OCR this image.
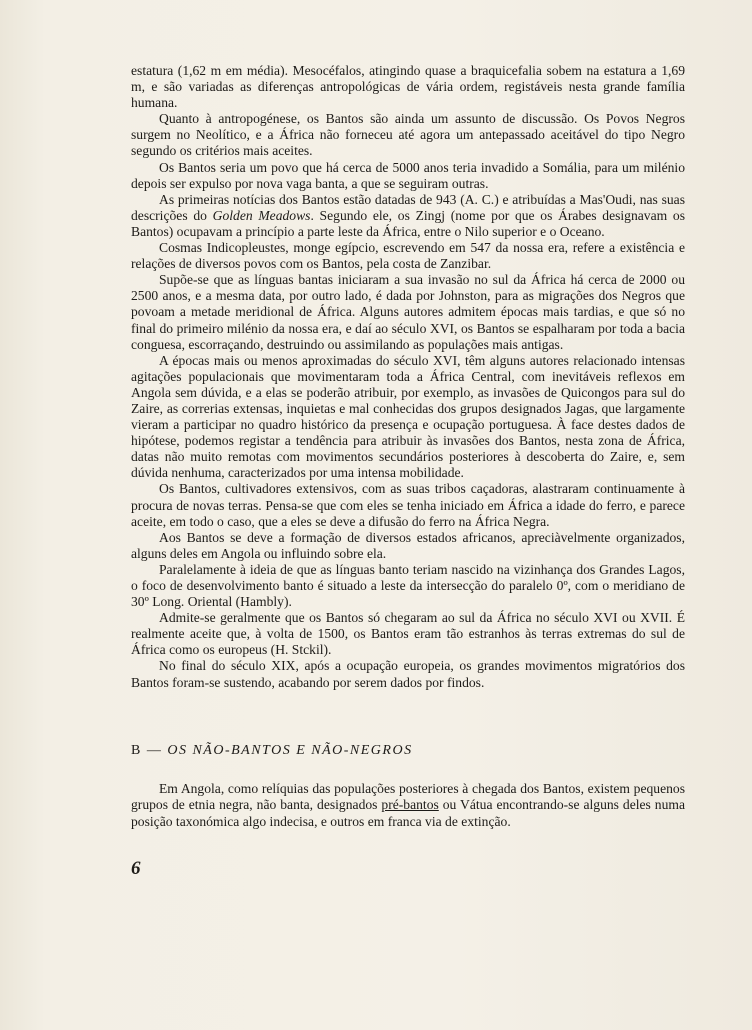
estatura (1,62 m em média). Mesocéfalos, atingindo quase a braquicefalia sobem na estatura a 1,69 m, e são variadas as diferenças antropológicas de vária ordem, registáveis nesta grande família humana.

Quanto à antropogénese, os Bantos são ainda um assunto de discussão. Os Povos Negros surgem no Neolítico, e a África não forneceu até agora um antepassado aceitável do tipo Negro segundo os critérios mais aceites.

Os Bantos seria um povo que há cerca de 5000 anos teria invadido a Somália, para um milénio depois ser expulso por nova vaga banta, a que se seguiram outras.

As primeiras notícias dos Bantos estão datadas de 943 (A. C.) e atribuídas a Mas'Oudi, nas suas descrições do Golden Meadows. Segundo ele, os Zingj (nome por que os Árabes designavam os Bantos) ocupavam a princípio a parte leste da África, entre o Nilo superior e o Oceano.

Cosmas Indicopleustes, monge egípcio, escrevendo em 547 da nossa era, refere a existência e relações de diversos povos com os Bantos, pela costa de Zanzibar.

Supõe-se que as línguas bantas iniciaram a sua invasão no sul da África há cerca de 2000 ou 2500 anos, e a mesma data, por outro lado, é dada por Johnston, para as migrações dos Negros que povoam a metade meridional de África. Alguns autores admitem épocas mais tardias, e que só no final do primeiro milénio da nossa era, e daí ao século XVI, os Bantos se espalharam por toda a bacia conguesa, escorraçando, destruindo ou assimilando as populações mais antigas.

A épocas mais ou menos aproximadas do século XVI, têm alguns autores relacionado intensas agitações populacionais que movimentaram toda a África Central, com inevitáveis reflexos em Angola sem dúvida, e a elas se poderão atribuir, por exemplo, as invasões de Quicongos para sul do Zaire, as correrias extensas, inquietas e mal conhecidas dos grupos designados Jagas, que largamente vieram a participar no quadro histórico da presença e ocupação portuguesa. À face destes dados de hipótese, podemos registar a tendência para atribuir às invasões dos Bantos, nesta zona de África, datas não muito remotas com movimentos secundários posteriores à descoberta do Zaire, e, sem dúvida nenhuma, caracterizados por uma intensa mobilidade.

Os Bantos, cultivadores extensivos, com as suas tribos caçadoras, alastraram continuamente à procura de novas terras. Pensa-se que com eles se tenha iniciado em África a idade do ferro, e parece aceite, em todo o caso, que a eles se deve a difusão do ferro na África Negra.

Aos Bantos se deve a formação de diversos estados africanos, apreciàvelmente organizados, alguns deles em Angola ou influindo sobre ela.

Paralelamente à ideia de que as línguas banto teriam nascido na vizinhança dos Grandes Lagos, o foco de desenvolvimento banto é situado a leste da intersecção do paralelo 0º, com o meridiano de 30º Long. Oriental (Hambly).

Admite-se geralmente que os Bantos só chegaram ao sul da África no século XVI ou XVII. É realmente aceite que, à volta de 1500, os Bantos eram tão estranhos às terras extremas do sul de África como os europeus (H. Stckil).

No final do século XIX, após a ocupação europeia, os grandes movimentos migratórios dos Bantos foram-se sustendo, acabando por serem dados por findos.

B — OS NÃO-BANTOS E NÃO-NEGROS

Em Angola, como relíquias das populações posteriores à chegada dos Bantos, existem pequenos grupos de etnia negra, não banta, designados pré-bantos ou Vátua encontrando-se alguns deles numa posição taxonómica algo indecisa, e outros em franca via de extinção.

6
